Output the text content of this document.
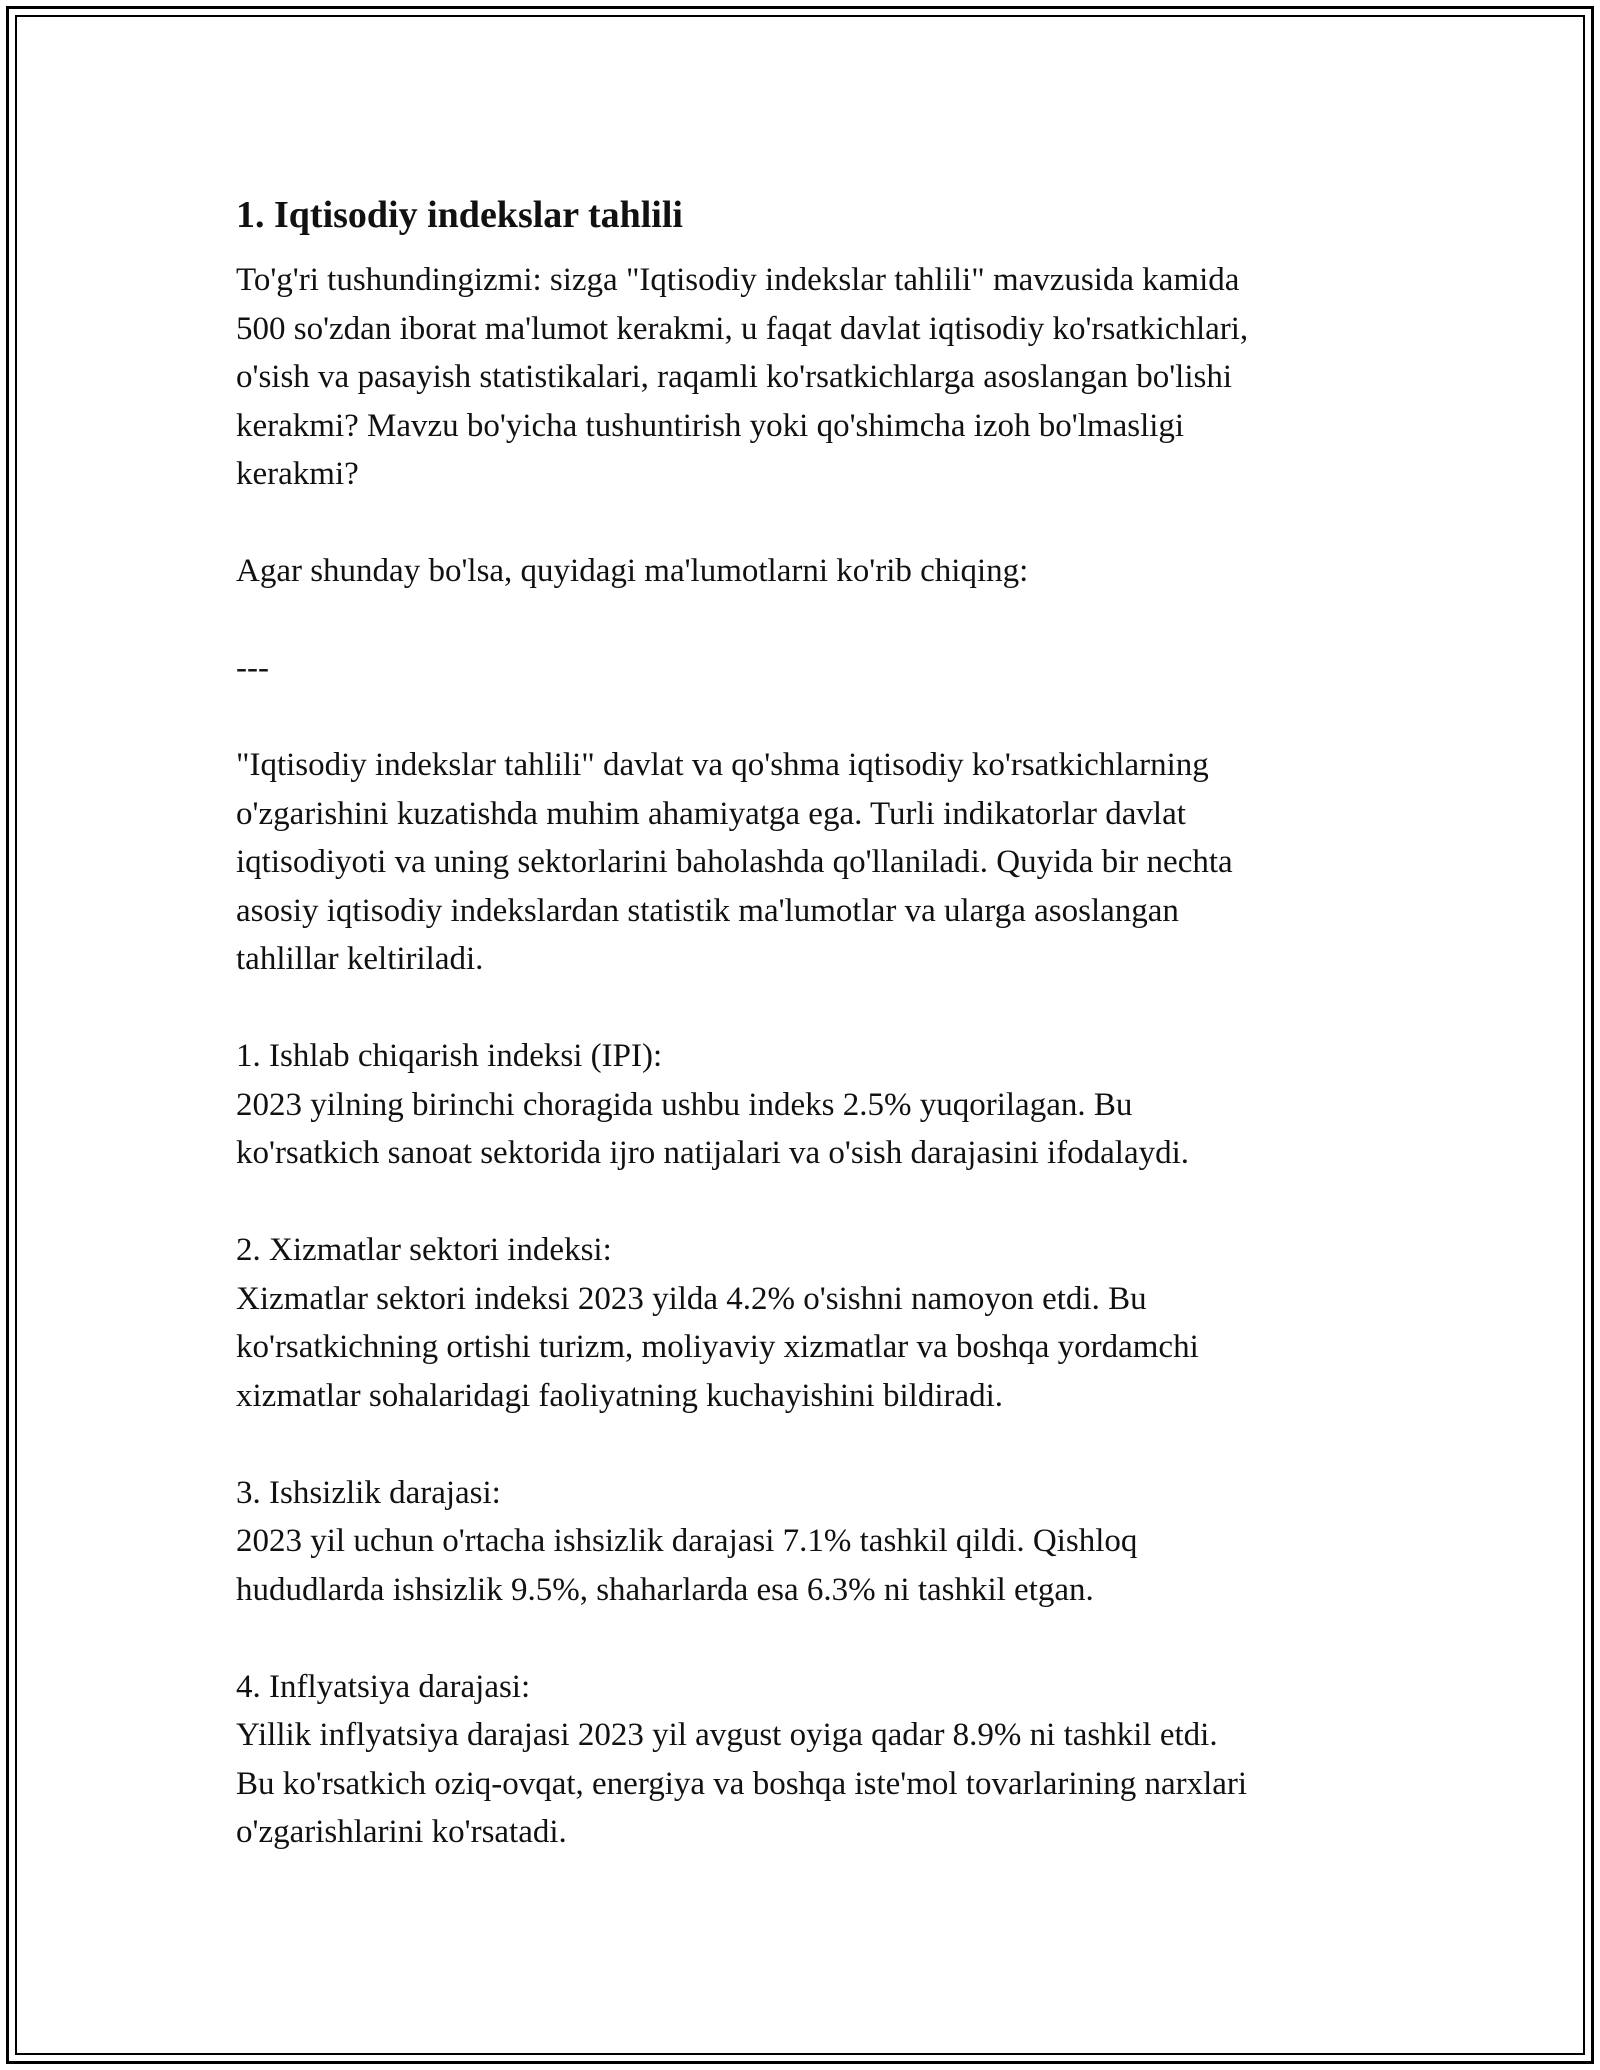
1. Iqtisodiy indekslar tahlili
To'g'ri tushundingizmi: sizga "Iqtisodiy indekslar tahlili" mavzusida kamida
500 so'zdan iborat ma'lumot kerakmi, u faqat davlat iqtisodiy ko'rsatkichlari,
o'sish va pasayish statistikalari, raqamli ko'rsatkichlarga asoslangan bo'lishi
kerakmi? Mavzu bo'yicha tushuntirish yoki qo'shimcha izoh bo'lmasligi
kerakmi?
Agar shunday bo'lsa, quyidagi ma'lumotlarni ko'rib chiqing:
---
"Iqtisodiy indekslar tahlili" davlat va qo'shma iqtisodiy ko'rsatkichlarning
o'zgarishini kuzatishda muhim ahamiyatga ega. Turli indikatorlar davlat
iqtisodiyoti va uning sektorlarini baholashda qo'llaniladi. Quyida bir nechta
asosiy iqtisodiy indekslardan statistik ma'lumotlar va ularga asoslangan
tahlillar keltiriladi.
1. Ishlab chiqarish indeksi (IPI):
2023 yilning birinchi choragida ushbu indeks 2.5% yuqorilagan. Bu
ko'rsatkich sanoat sektorida ijro natijalari va o'sish darajasini ifodalaydi.
2. Xizmatlar sektori indeksi:
Xizmatlar sektori indeksi 2023 yilda 4.2% o'sishni namoyon etdi. Bu
ko'rsatkichning ortishi turizm, moliyaviy xizmatlar va boshqa yordamchi
xizmatlar sohalaridagi faoliyatning kuchayishini bildiradi.
3. Ishsizlik darajasi:
2023 yil uchun o'rtacha ishsizlik darajasi 7.1% tashkil qildi. Qishloq
hududlarda ishsizlik 9.5%, shaharlarda esa 6.3% ni tashkil etgan.
4. Inflyatsiya darajasi:
Yillik inflyatsiya darajasi 2023 yil avgust oyiga qadar 8.9% ni tashkil etdi.
Bu ko'rsatkich oziq-ovqat, energiya va boshqa iste'mol tovarlarining narxlari
o'zgarishlarini ko'rsatadi.
